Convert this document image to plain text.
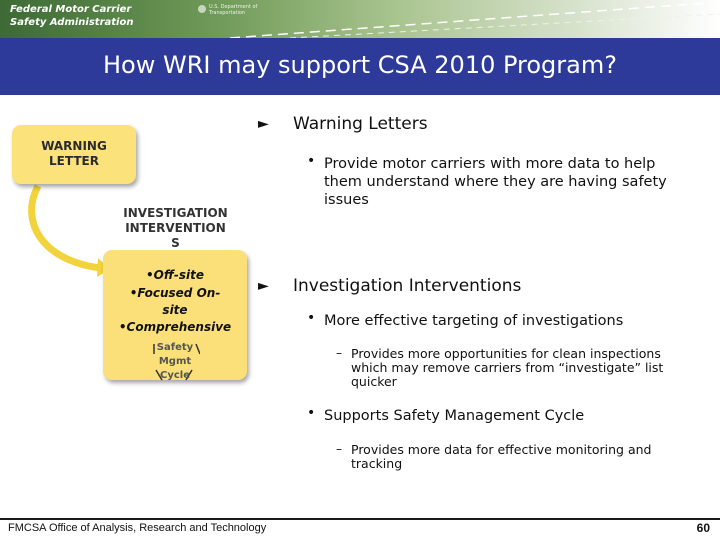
Federal Motor Carrier
Safety Administration
U.S. Department of
Transportation
How WRI may support CSA 2010 Program?
WARNING
LETTER
INVESTIGATION
INTERVENTION
S
•Off-site
•Focused On-
site
•Comprehensive
Safety
Mgmt
Cycle
► Warning Letters
• Provide motor carriers with more data to help
them understand where they are having safety
issues
► Investigation Interventions
• More effective targeting of investigations
– Provides more opportunities for clean inspections
which may remove carriers from “investigate” list
quicker
• Supports Safety Management Cycle
– Provides more data for effective monitoring and
tracking
FMCSA Office of Analysis, Research and Technology	60
